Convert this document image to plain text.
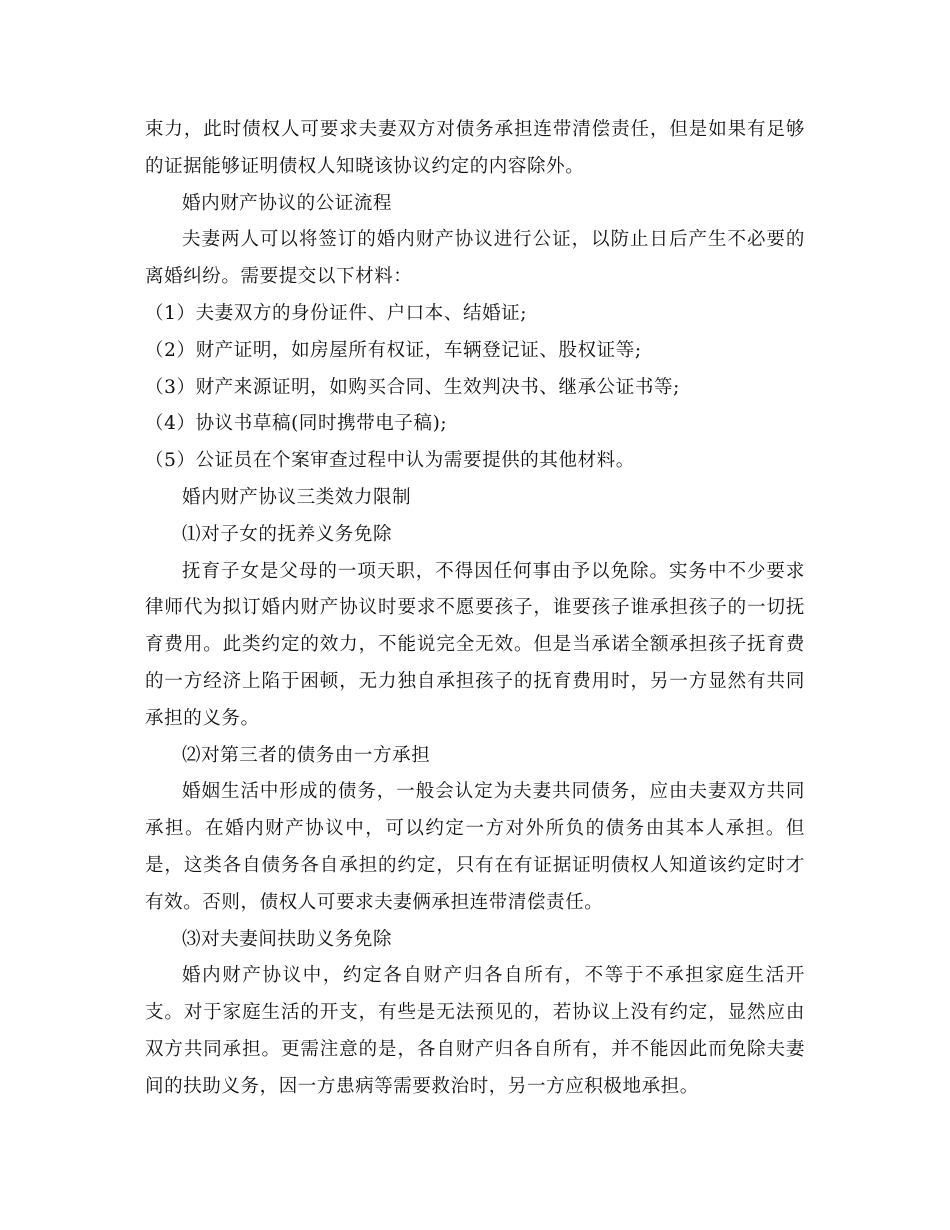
束力，此时债权人可要求夫妻双方对债务承担连带清偿责任，但是如果有足够的证据能够证明债权人知晓该协议约定的内容除外。

婚内财产协议的公证流程

夫妻两人可以将签订的婚内财产协议进行公证，以防止日后产生不必要的离婚纠纷。需要提交以下材料：

（1）夫妻双方的身份证件、户口本、结婚证;

（2）财产证明，如房屋所有权证，车辆登记证、股权证等;

（3）财产来源证明，如购买合同、生效判决书、继承公证书等;

（4）协议书草稿(同时携带电子稿);

（5）公证员在个案审查过程中认为需要提供的其他材料。

婚内财产协议三类效力限制

⑴对子女的抚养义务免除

抚育子女是父母的一项天职，不得因任何事由予以免除。实务中不少要求律师代为拟订婚内财产协议时要求不愿要孩子，谁要孩子谁承担孩子的一切抚育费用。此类约定的效力，不能说完全无效。但是当承诺全额承担孩子抚育费的一方经济上陷于困顿，无力独自承担孩子的抚育费用时，另一方显然有共同承担的义务。

⑵对第三者的债务由一方承担

婚姻生活中形成的债务，一般会认定为夫妻共同债务，应由夫妻双方共同承担。在婚内财产协议中，可以约定一方对外所负的债务由其本人承担。但是，这类各自债务各自承担的约定，只有在有证据证明债权人知道该约定时才有效。否则，债权人可要求夫妻俩承担连带清偿责任。

⑶对夫妻间扶助义务免除

婚内财产协议中，约定各自财产归各自所有，不等于不承担家庭生活开支。对于家庭生活的开支，有些是无法预见的，若协议上没有约定，显然应由双方共同承担。更需注意的是，各自财产归各自所有，并不能因此而免除夫妻间的扶助义务，因一方患病等需要救治时，另一方应积极地承担。
